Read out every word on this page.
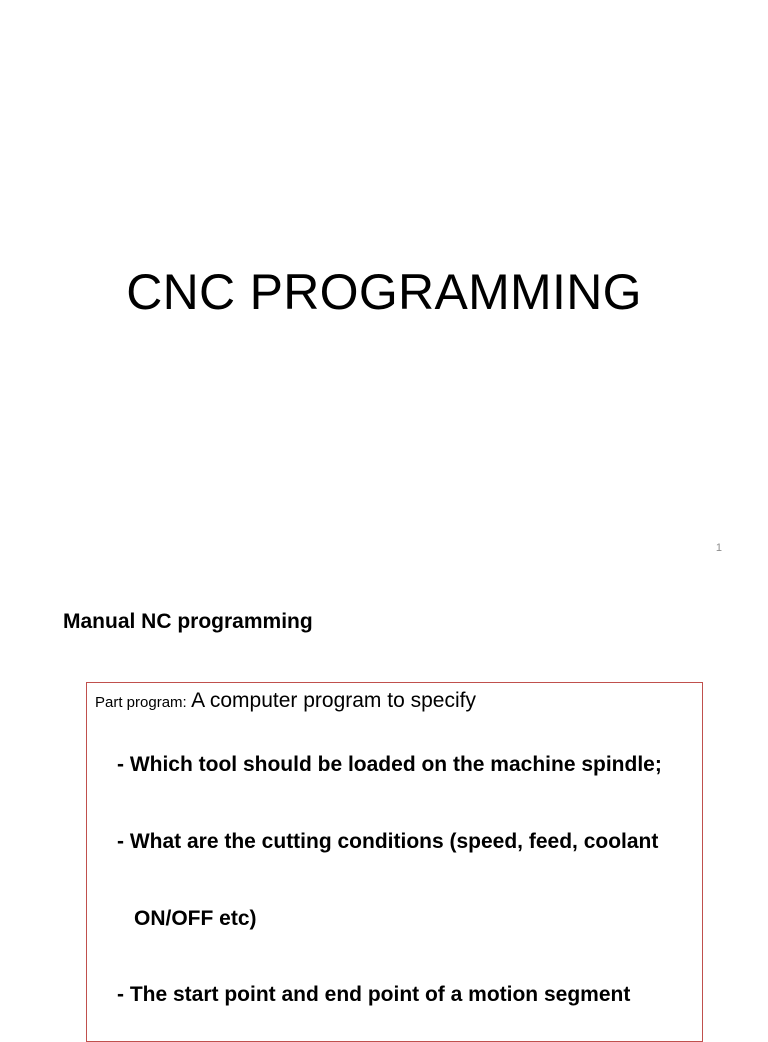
CNC PROGRAMMING
1
Manual NC programming
Part program: A computer program to specify
- Which tool should be loaded on the machine spindle;
- What are the cutting conditions (speed, feed, coolant
ON/OFF etc)
- The start point and end point of a motion segment
